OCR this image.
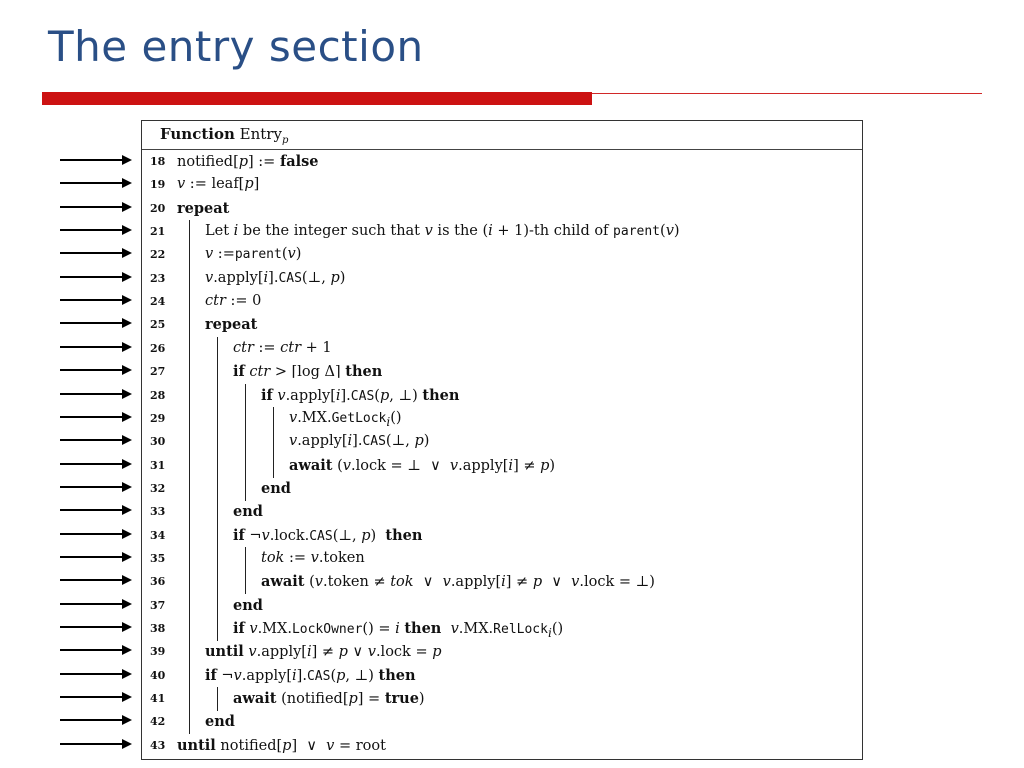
The entry section
Function Entry$_p$
18 notified[p] := false
19 v := leaf[p]
20 repeat
21	Let i be the integer such that v is the (i + 1)-th child of parent(v)
22	v :=parent(v)
23	v.apply[i].CAS(⊥, p)
24	ctr := 0
25	repeat
26	ctr := ctr + 1
27	if ctr > ⌈log Δ⌉ then
28	if v.apply[i].CAS(p, ⊥) then
29	v.MX.GetLock$_i$()
30	v.apply[i].CAS(⊥, p)
31	await (v.lock = ⊥  ∨  v.apply[i] ≠ p)
32	end
33	end
34	if ¬v.lock.CAS(⊥, p)  then
35	tok := v.token
36	await (v.token ≠ tok  ∨  v.apply[i] ≠ p  ∨  v.lock = ⊥)
37	end
38	if v.MX.LockOwner() = i then v.MX.RelLock$_i$()
39	until v.apply[i] ≠ p ∨ v.lock = p
40	if ¬v.apply[i].CAS(p, ⊥) then
41	await (notified[p] = true)
42	end
43 until notified[p]  ∨  v = root
